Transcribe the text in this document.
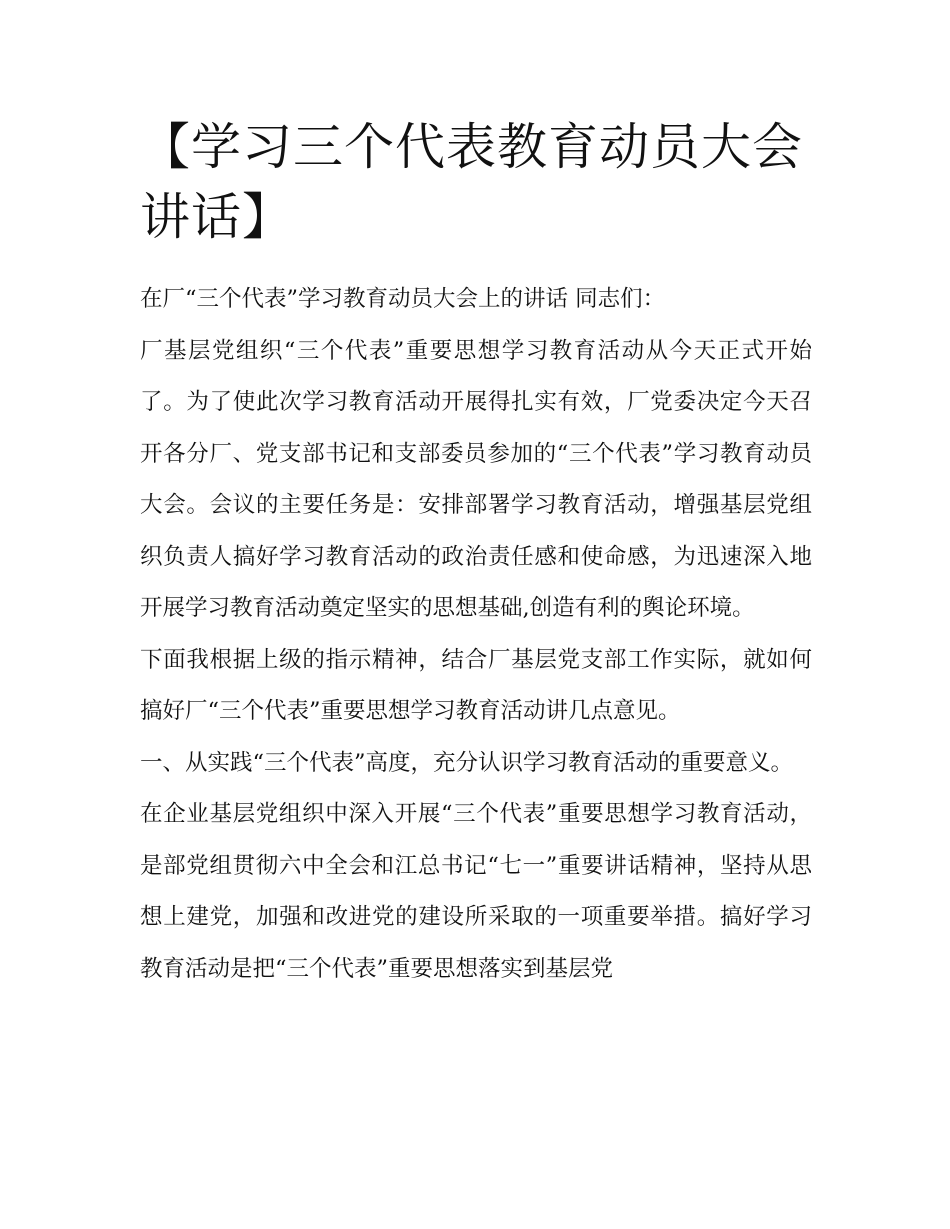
【学习三个代表教育动员大会讲话】

在厂“三个代表”学习教育动员大会上的讲话 同志们：

厂基层党组织“三个代表”重要思想学习教育活动从今天正式开始了。为了使此次学习教育活动开展得扎实有效，厂党委决定今天召开各分厂、党支部书记和支部委员参加的“三个代表”学习教育动员大会。会议的主要任务是：安排部署学习教育活动，增强基层党组织负责人搞好学习教育活动的政治责任感和使命感，为迅速深入地开展学习教育活动奠定坚实的思想基础,创造有利的舆论环境。

下面我根据上级的指示精神，结合厂基层党支部工作实际，就如何搞好厂“三个代表”重要思想学习教育活动讲几点意见。

一、从实践“三个代表”高度，充分认识学习教育活动的重要意义。

在企业基层党组织中深入开展“三个代表”重要思想学习教育活动，是部党组贯彻六中全会和江总书记“七一”重要讲话精神，坚持从思想上建党，加强和改进党的建设所采取的一项重要举措。搞好学习教育活动是把“三个代表”重要思想落实到基层党
